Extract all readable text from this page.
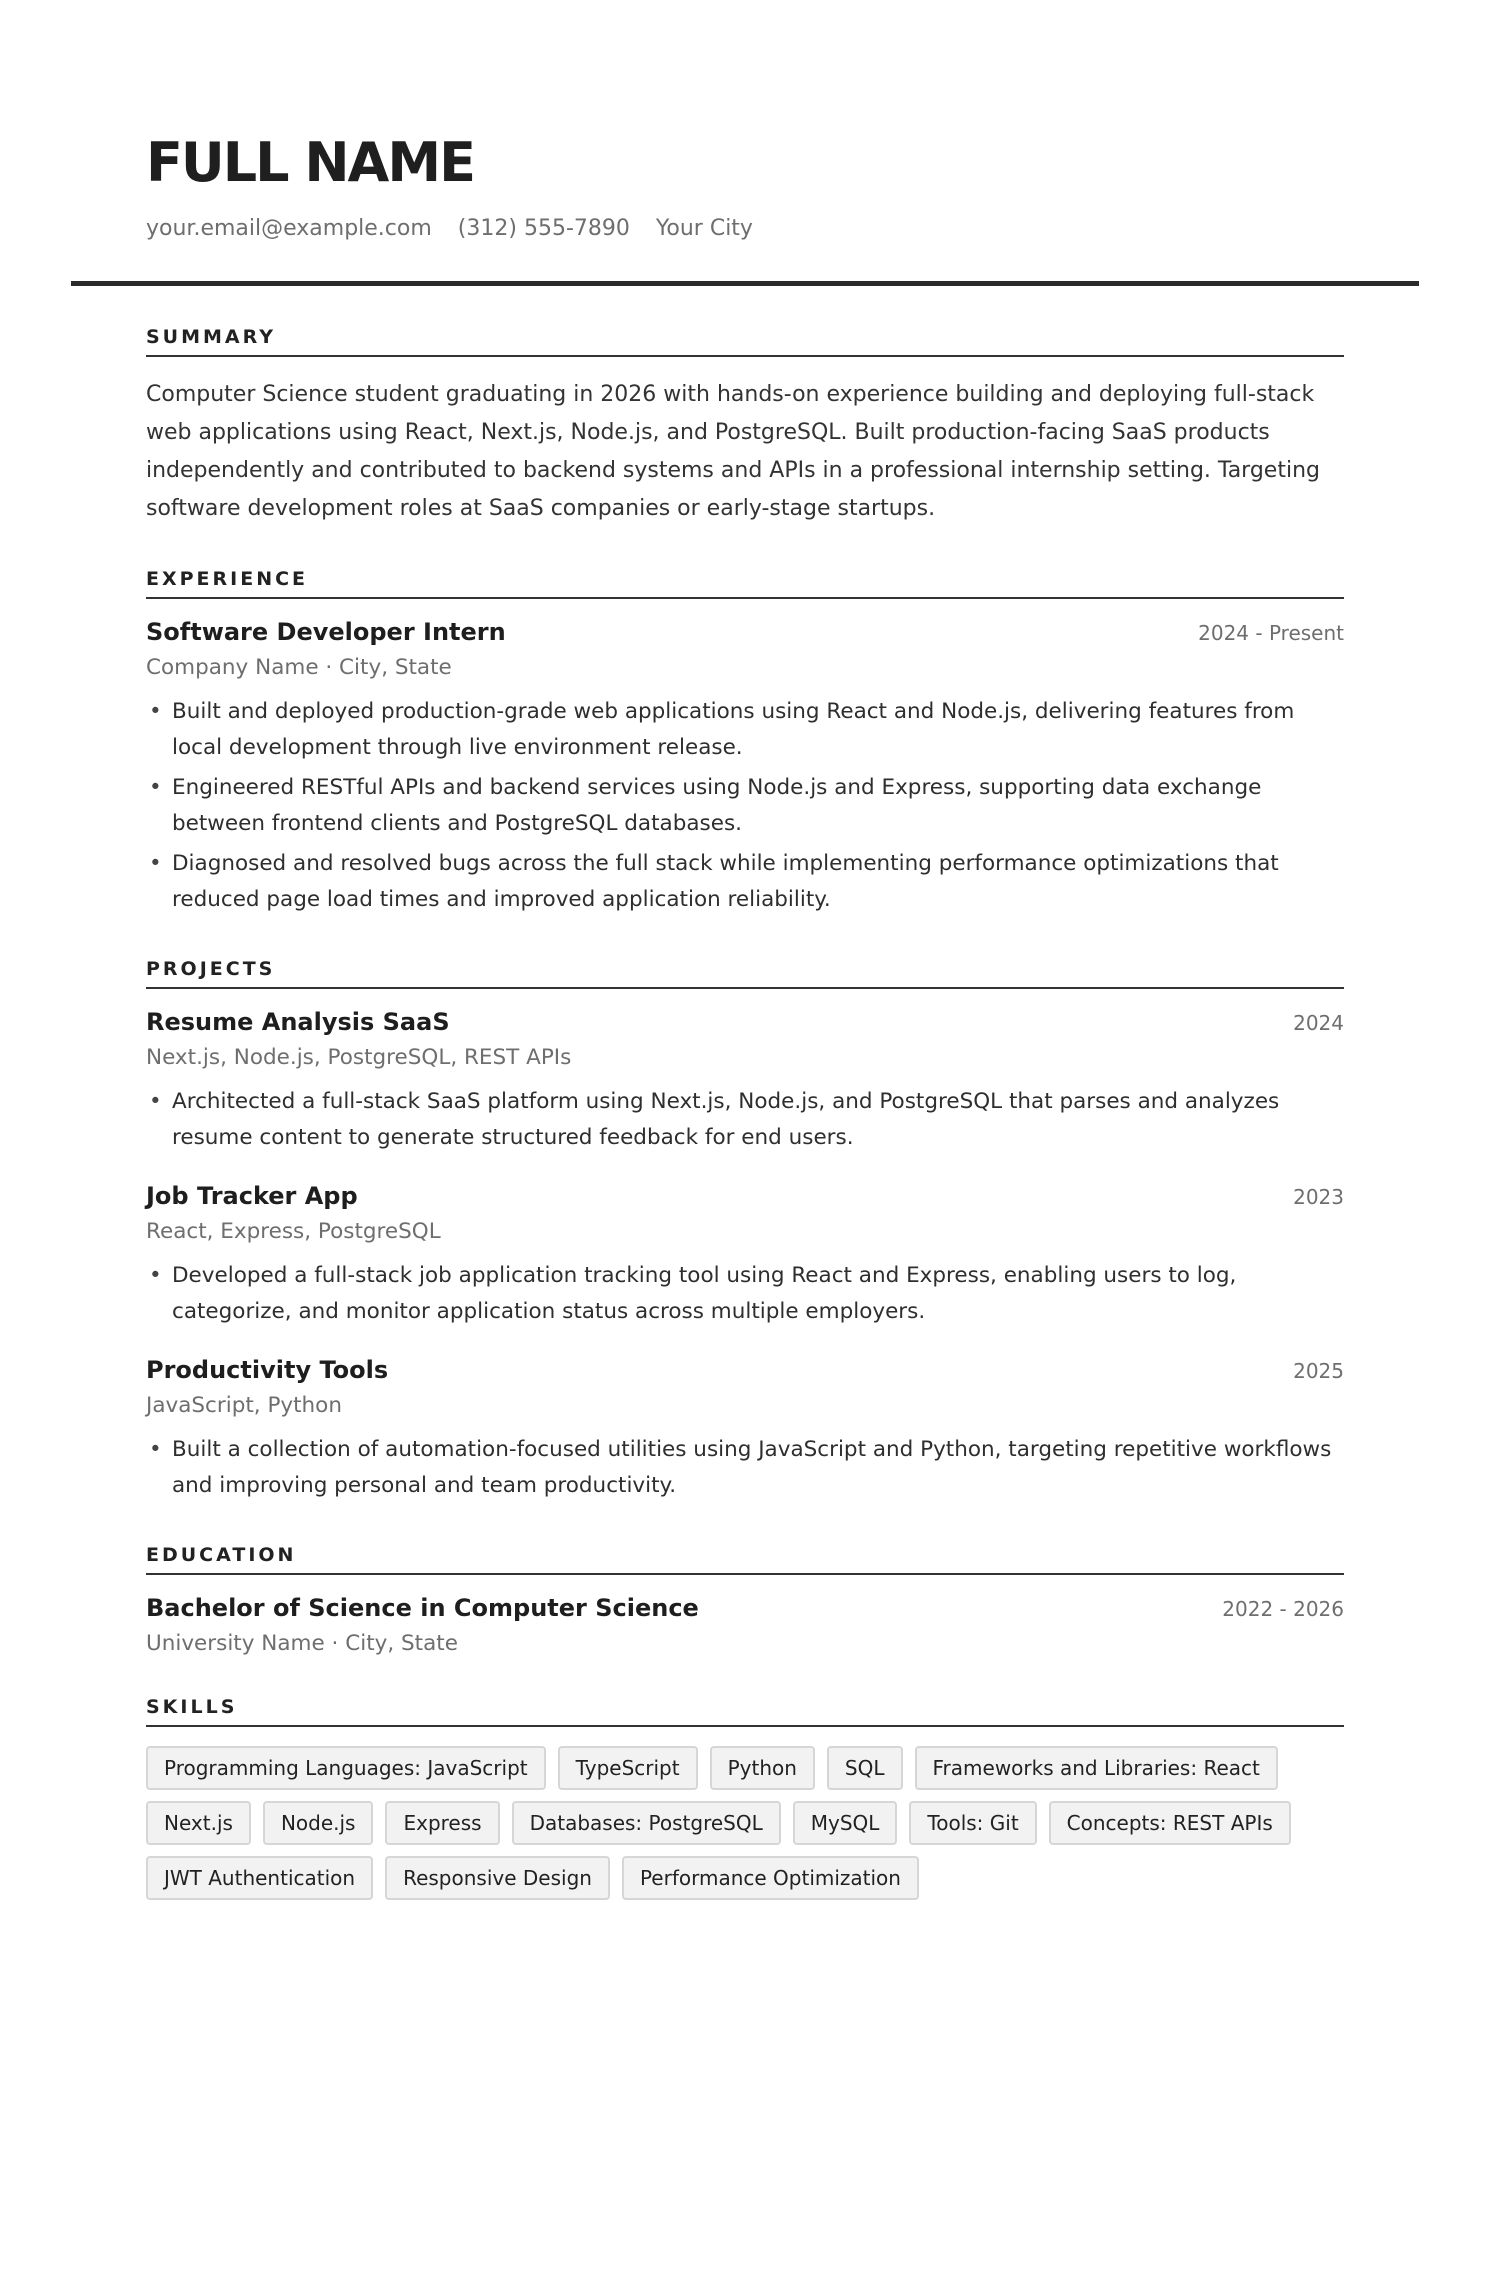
FULL NAME
your.email@example.com (312) 555-7890 Your City
SUMMARY
Computer Science student graduating in 2026 with hands-on experience building and deploying full-stack web applications using React, Next.js, Node.js, and PostgreSQL. Built production-facing SaaS products independently and contributed to backend systems and APIs in a professional internship setting. Targeting software development roles at SaaS companies or early-stage startups.
EXPERIENCE
Software Developer Intern	2024 - Present
Company Name · City, State
• Built and deployed production-grade web applications using React and Node.js, delivering features from local development through live environment release.
• Engineered RESTful APIs and backend services using Node.js and Express, supporting data exchange between frontend clients and PostgreSQL databases.
• Diagnosed and resolved bugs across the full stack while implementing performance optimizations that reduced page load times and improved application reliability.
PROJECTS
Resume Analysis SaaS	2024
Next.js, Node.js, PostgreSQL, REST APIs
• Architected a full-stack SaaS platform using Next.js, Node.js, and PostgreSQL that parses and analyzes resume content to generate structured feedback for end users.
Job Tracker App	2023
React, Express, PostgreSQL
• Developed a full-stack job application tracking tool using React and Express, enabling users to log, categorize, and monitor application status across multiple employers.
Productivity Tools	2025
JavaScript, Python
• Built a collection of automation-focused utilities using JavaScript and Python, targeting repetitive workflows and improving personal and team productivity.
EDUCATION
Bachelor of Science in Computer Science	2022 - 2026
University Name · City, State
SKILLS
Programming Languages: JavaScript	TypeScript	Python	SQL	Frameworks and Libraries: React
Next.js	Node.js	Express	Databases: PostgreSQL	MySQL	Tools: Git	Concepts: REST APIs
JWT Authentication	Responsive Design	Performance Optimization
